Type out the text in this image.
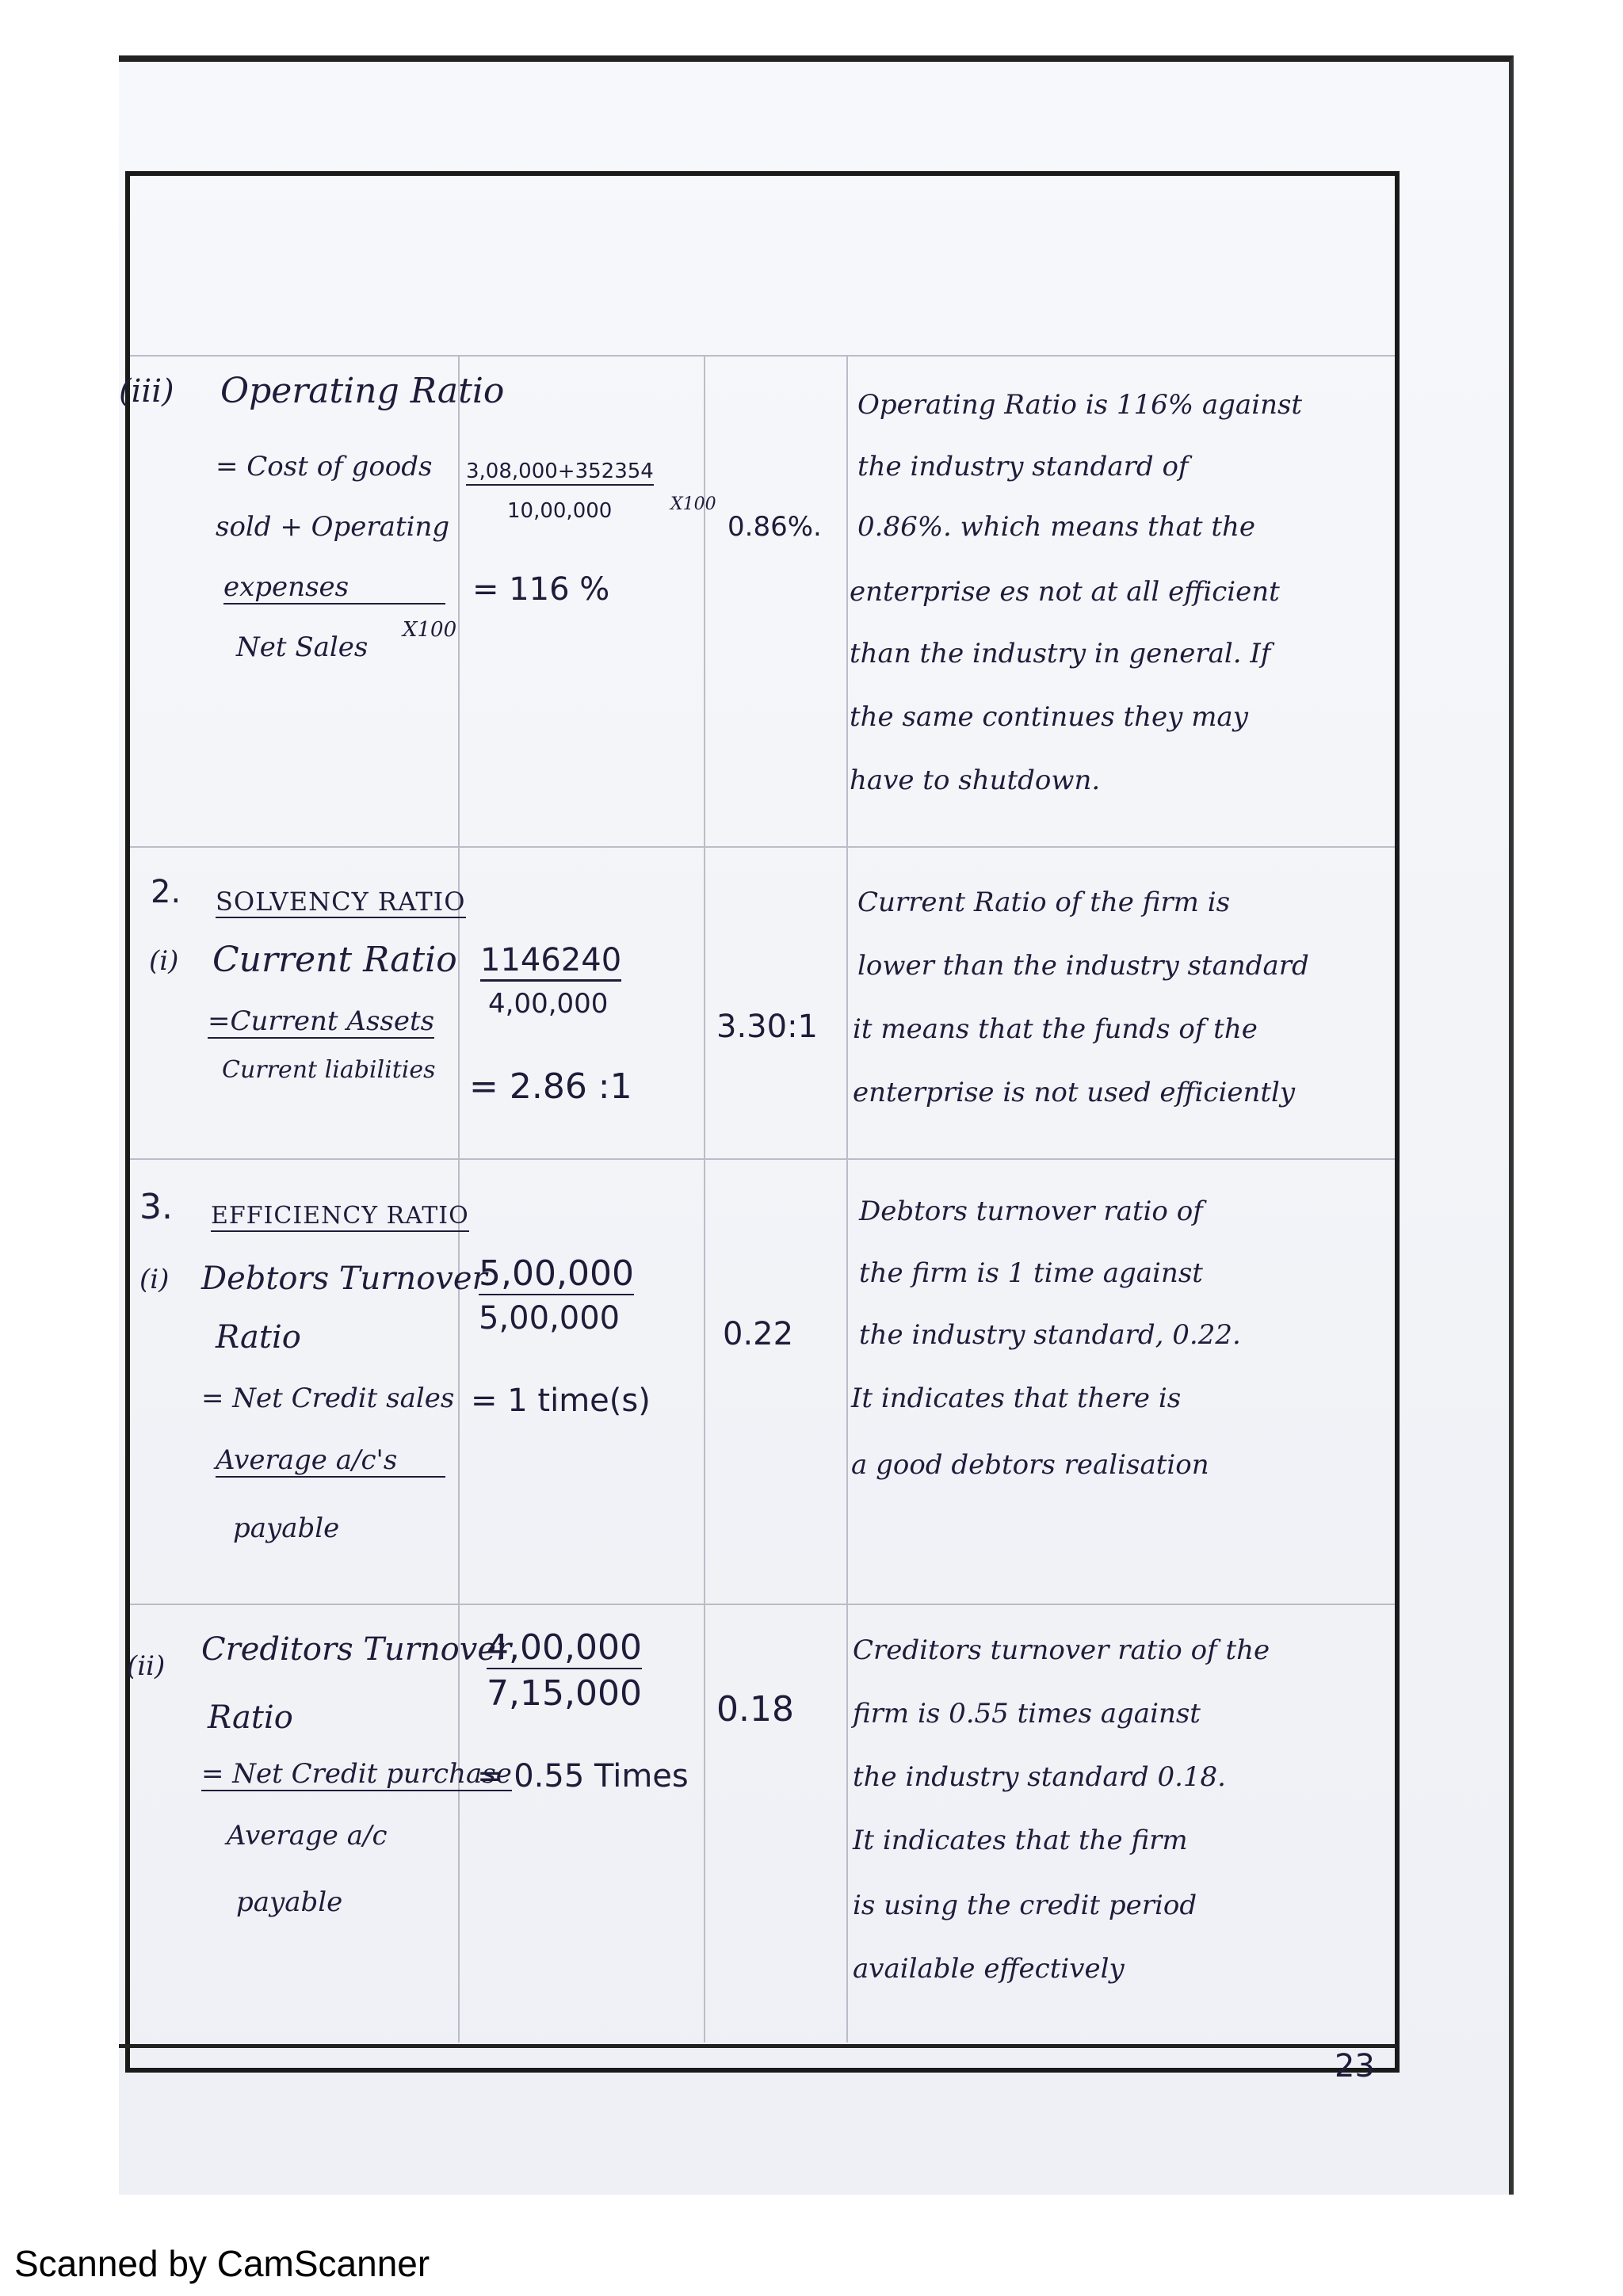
(iii) Operating Ratio
= Cost of goods
sold + Operating
expenses
Net Sales
X100
3,08,000+352354
10,00,000	X100
= 116 %
0.86%.
Operating Ratio is 116% against
the industry standard of
0.86%. which means that the
enterprise es not at all efficient
than the industry in general. If
the same continues they may
have to shutdown.
2. SOLVENCY RATIO
(i) Current Ratio
=Current Assets
Current liabilities
1146240
4,00,000
= 2.86 :1
3.30:1
Current Ratio of the firm is
lower than the industry standard
it means that the funds of the
enterprise is not used efficiently
3. EFFICIENCY RATIO
(i) Debtors Turnover
Ratio
= Net Credit sales
Average a/c's
payable
5,00,000
5,00,000
= 1 time(s)
0.22
Debtors turnover ratio of
the firm is 1 time against
the industry standard, 0.22.
It indicates that there is
a good debtors realisation
(ii) Creditors Turnover
Ratio
= Net Credit purchase
Average a/c
payable
4,00,000
7,15,000
= 0.55 Times
0.18
Creditors turnover ratio of the
firm is 0.55 times against
the industry standard 0.18.
It indicates that the firm
is using the credit period
available effectively
23
Scanned by CamScanner
